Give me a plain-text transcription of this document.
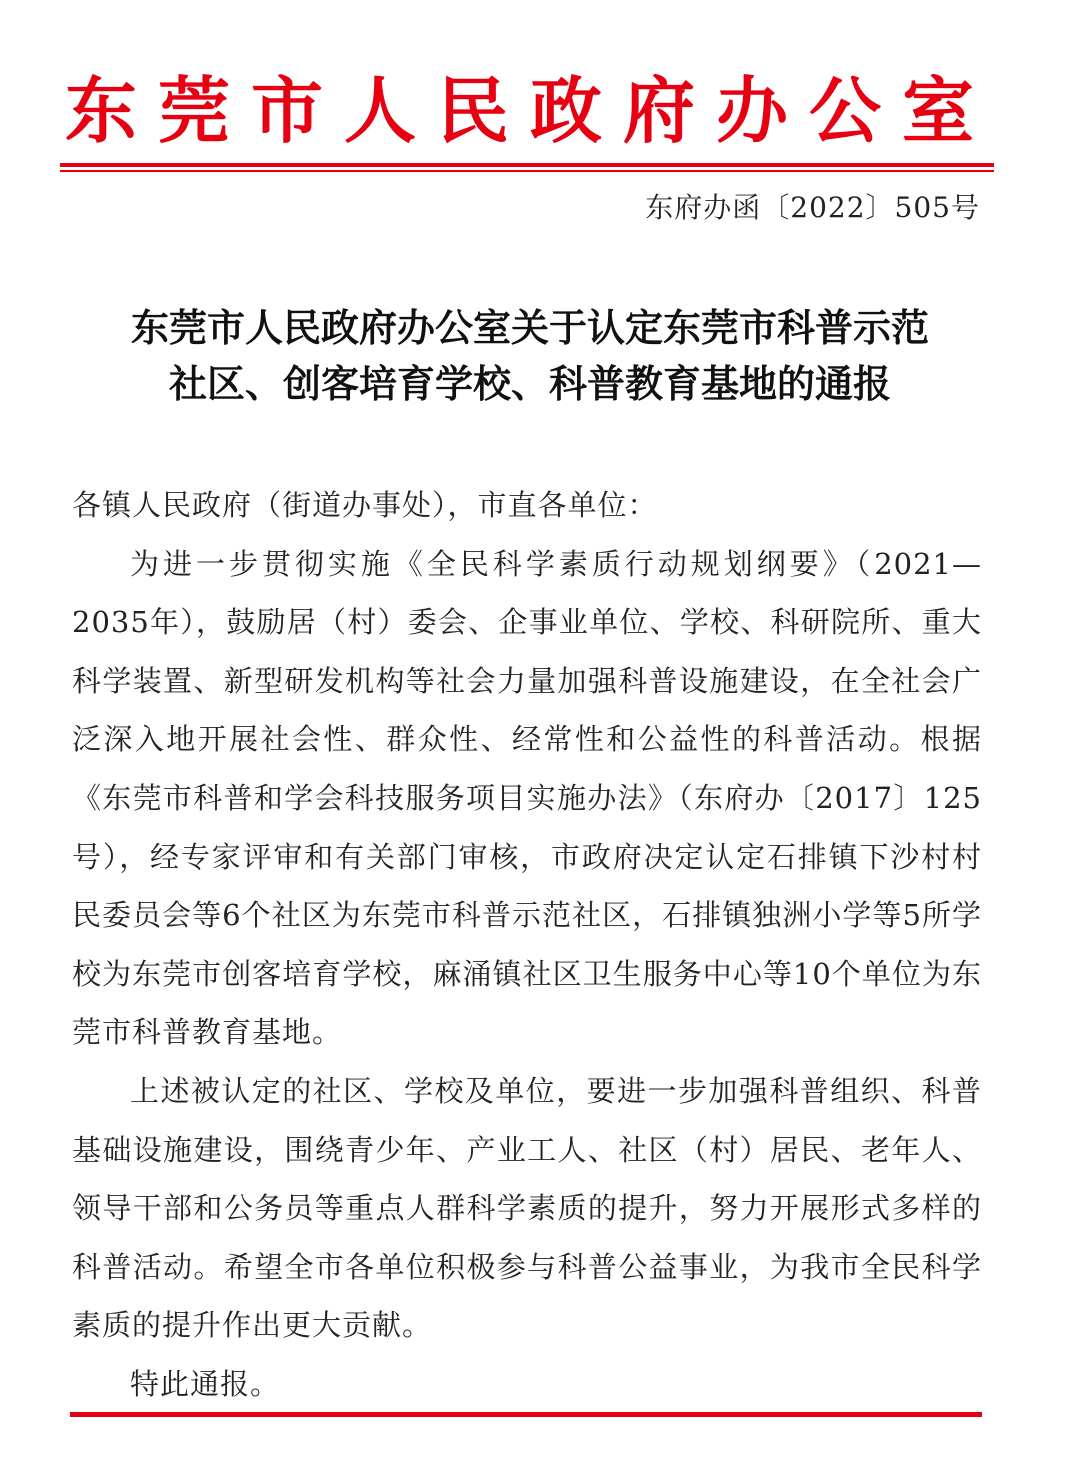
东莞市人民政府办公室
东府办函〔2022〕505号
东莞市人民政府办公室关于认定东莞市科普示范
社区、创客培育学校、科普教育基地的通报

各镇人民政府（街道办事处），市直各单位：

为进一步贯彻实施《全民科学素质行动规划纲要》（2021—2035年），鼓励居（村）委会、企事业单位、学校、科研院所、重大科学装置、新型研发机构等社会力量加强科普设施建设，在全社会广泛深入地开展社会性、群众性、经常性和公益性的科普活动。根据《东莞市科普和学会科技服务项目实施办法》（东府办〔2017〕125号），经专家评审和有关部门审核，市政府决定认定石排镇下沙村村民委员会等6个社区为东莞市科普示范社区，石排镇独洲小学等5所学校为东莞市创客培育学校，麻涌镇社区卫生服务中心等10个单位为东莞市科普教育基地。

上述被认定的社区、学校及单位，要进一步加强科普组织、科普基础设施建设，围绕青少年、产业工人、社区（村）居民、老年人、领导干部和公务员等重点人群科学素质的提升，努力开展形式多样的科普活动。希望全市各单位积极参与科普公益事业，为我市全民科学素质的提升作出更大贡献。

特此通报。
